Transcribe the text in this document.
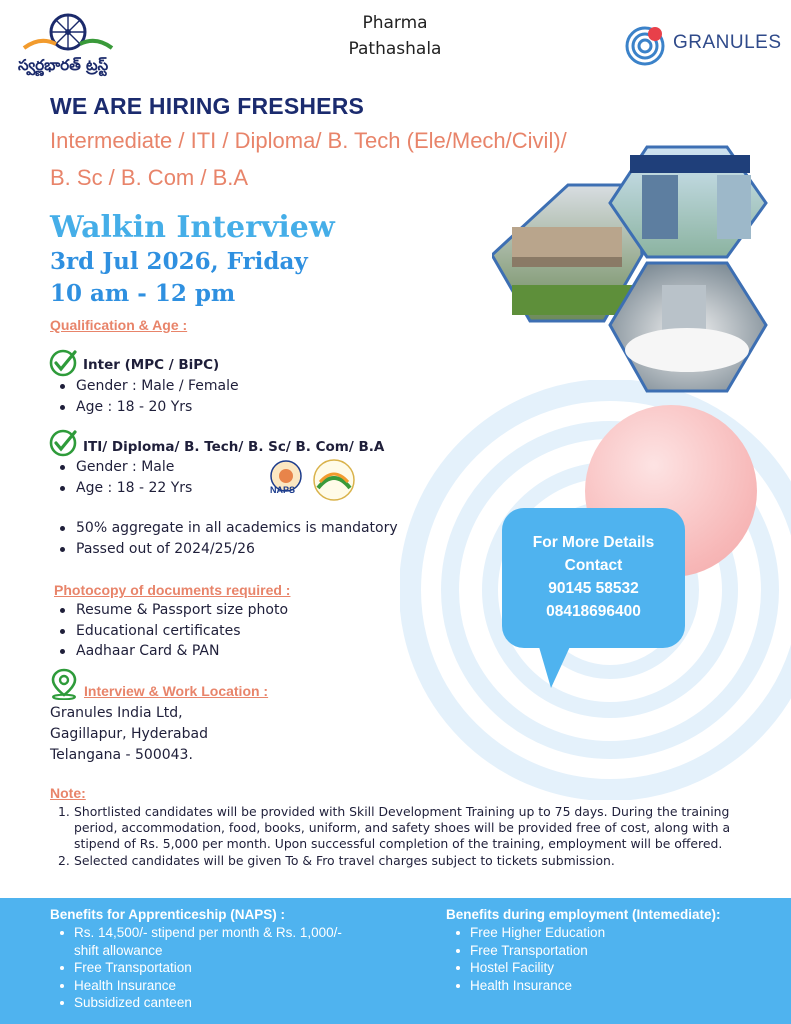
స్వర్ణభారత్ ట్రస్ట్
Pharma
Pathashala	GRANULES
WE ARE HIRING FRESHERS
Intermediate / ITI / Diploma/ B. Tech (Ele/Mech/Civil)/
B. Sc / B. Com / B.A
Walkin Interview
3rd Jul 2026, Friday
10 am - 12 pm
Qualification & Age :
Inter (MPC / BiPC)
Gender : Male / Female
Age : 18 - 20 Yrs
ITI/ Diploma/ B. Tech/ B. Sc/ B. Com/ B.A
Gender : Male
Age : 18 - 22 Yrs	NAPS
50% aggregate in all academics is mandatory
Passed out of 2024/25/26
Photocopy of documents required :
Resume & Passport size photo
Educational certificates
Aadhaar Card & PAN
Interview & Work Location :
Granules India Ltd,
Gagillapur, Hyderabad
Telangana - 500043.
For More Details
Contact
90145 58532
08418696400
Note:
1. Shortlisted candidates will be provided with Skill Development Training up to 75 days. During the training period, accommodation, food, books, uniform, and safety shoes will be provided free of cost, along with a stipend of Rs. 5,000 per month. Upon successful completion of the training, employment will be offered.
2. Selected candidates will be given To & Fro travel charges subject to tickets submission.
Benefits for Apprenticeship (NAPS) :
Rs. 14,500/- stipend per month & Rs. 1,000/- shift allowance
Free Transportation
Health Insurance
Subsidized canteen
Benefits during employment (Intemediate):
Free Higher Education
Free Transportation
Hostel Facility
Health Insurance
